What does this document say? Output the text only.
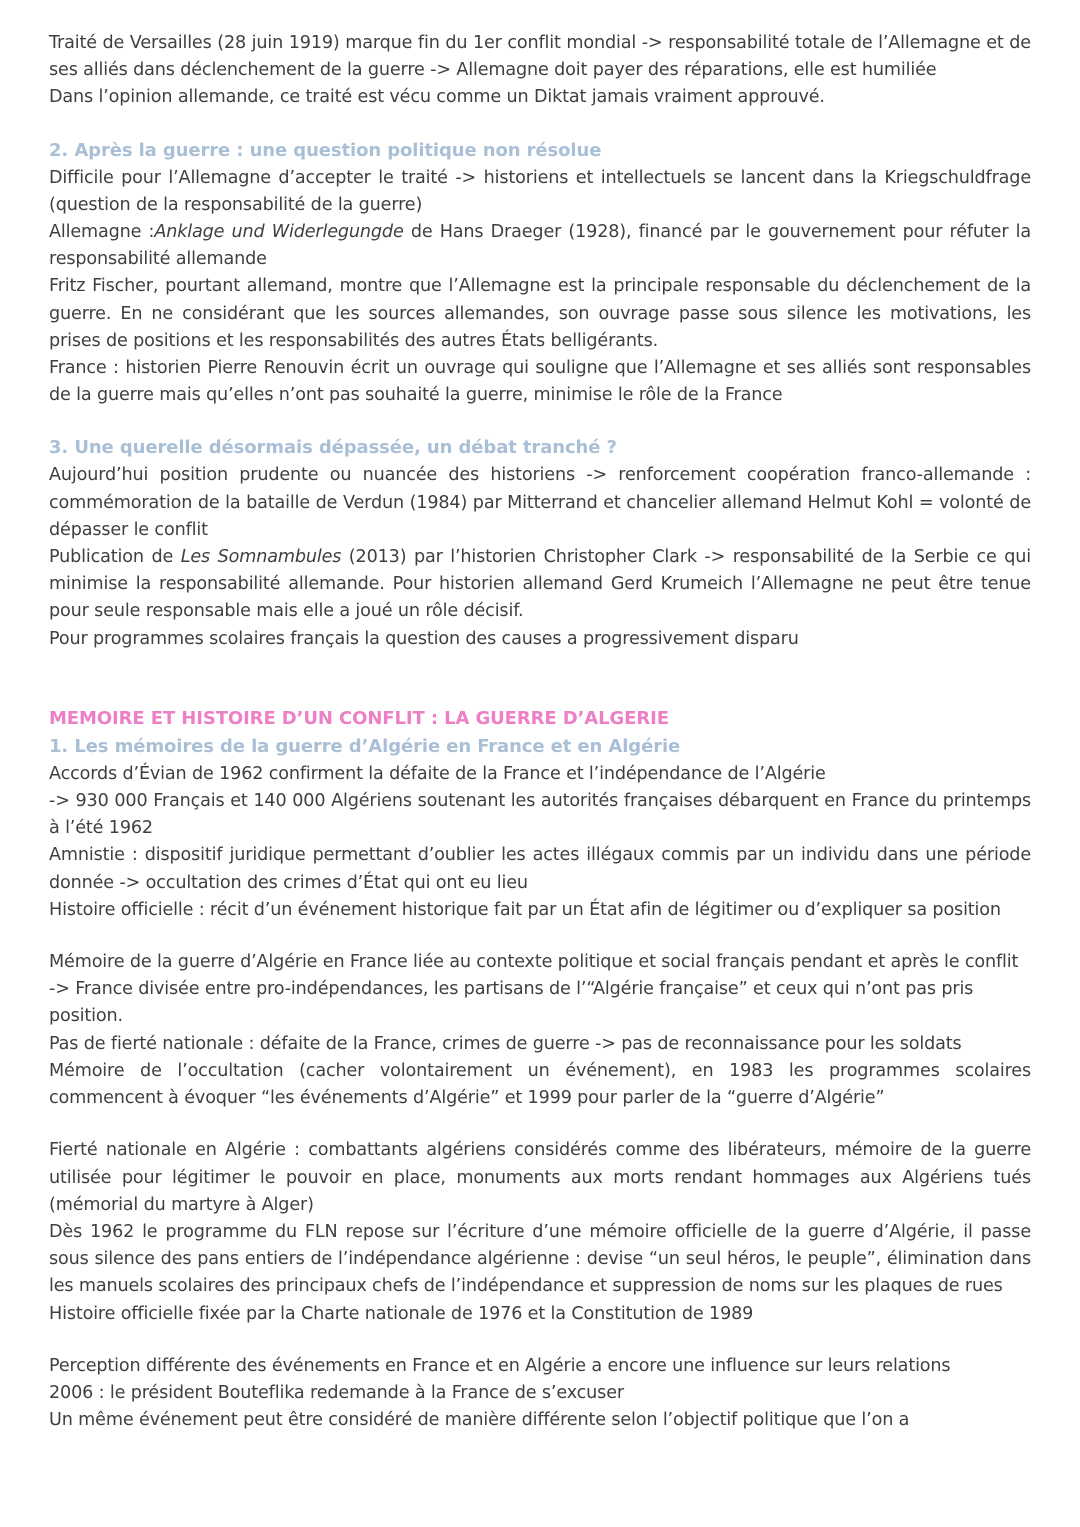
Traité de Versailles (28 juin 1919) marque fin du 1er conflit mondial -> responsabilité totale de l’Allemagne et de ses alliés dans déclenchement de la guerre -> Allemagne doit payer des réparations, elle est humiliée

Dans l’opinion allemande, ce traité est vécu comme un Diktat jamais vraiment approuvé.

2. Après la guerre : une question politique non résolue

Difficile pour l’Allemagne d’accepter le traité -> historiens et intellectuels se lancent dans la Kriegschuldfrage (question de la responsabilité de la guerre)

Allemagne :Anklage und Widerlegungde de Hans Draeger (1928), financé par le gouvernement pour réfuter la responsabilité allemande

Fritz Fischer, pourtant allemand, montre que l’Allemagne est la principale responsable du déclenchement de la guerre. En ne considérant que les sources allemandes, son ouvrage passe sous silence les motivations, les prises de positions et les responsabilités des autres États belligérants.

France : historien Pierre Renouvin écrit un ouvrage qui souligne que l’Allemagne et ses alliés sont responsables de la guerre mais qu’elles n’ont pas souhaité la guerre, minimise le rôle de la France

3. Une querelle désormais dépassée, un débat tranché ?

Aujourd’hui position prudente ou nuancée des historiens -> renforcement coopération franco-allemande : commémoration de la bataille de Verdun (1984) par Mitterrand et chancelier allemand Helmut Kohl = volonté de dépasser le conflit

Publication de Les Somnambules (2013) par l’historien Christopher Clark -> responsabilité de la Serbie ce qui minimise la responsabilité allemande. Pour historien allemand Gerd Krumeich l’Allemagne ne peut être tenue pour seule responsable mais elle a joué un rôle décisif.

Pour programmes scolaires français la question des causes a progressivement disparu

MEMOIRE ET HISTOIRE D’UN CONFLIT : LA GUERRE D’ALGERIE
1. Les mémoires de la guerre d’Algérie en France et en Algérie

Accords d’Évian de 1962 confirment la défaite de la France et l’indépendance de l’Algérie

-> 930 000 Français et 140 000 Algériens soutenant les autorités françaises débarquent en France du printemps à l’été 1962

Amnistie : dispositif juridique permettant d’oublier les actes illégaux commis par un individu dans une période donnée -> occultation des crimes d’État qui ont eu lieu

Histoire officielle : récit d’un événement historique fait par un État afin de légitimer ou d’expliquer sa position

Mémoire de la guerre d’Algérie en France liée au contexte politique et social français pendant et après le conflit

-> France divisée entre pro-indépendances, les partisans de l’“Algérie française” et ceux qui n’ont pas pris position.

Pas de fierté nationale : défaite de la France, crimes de guerre -> pas de reconnaissance pour les soldats

Mémoire de l’occultation (cacher volontairement un événement), en 1983 les programmes scolaires commencent à évoquer “les événements d’Algérie” et 1999 pour parler de la “guerre d’Algérie”

Fierté nationale en Algérie : combattants algériens considérés comme des libérateurs, mémoire de la guerre utilisée pour légitimer le pouvoir en place, monuments aux morts rendant hommages aux Algériens tués (mémorial du martyre à Alger)

Dès 1962 le programme du FLN repose sur l’écriture d’une mémoire officielle de la guerre d’Algérie, il passe sous silence des pans entiers de l’indépendance algérienne : devise “un seul héros, le peuple”, élimination dans les manuels scolaires des principaux chefs de l’indépendance et suppression de noms sur les plaques de rues

Histoire officielle fixée par la Charte nationale de 1976 et la Constitution de 1989

Perception différente des événements en France et en Algérie a encore une influence sur leurs relations

2006 : le président Bouteflika redemande à la France de s’excuser

Un même événement peut être considéré de manière différente selon l’objectif politique que l’on a
